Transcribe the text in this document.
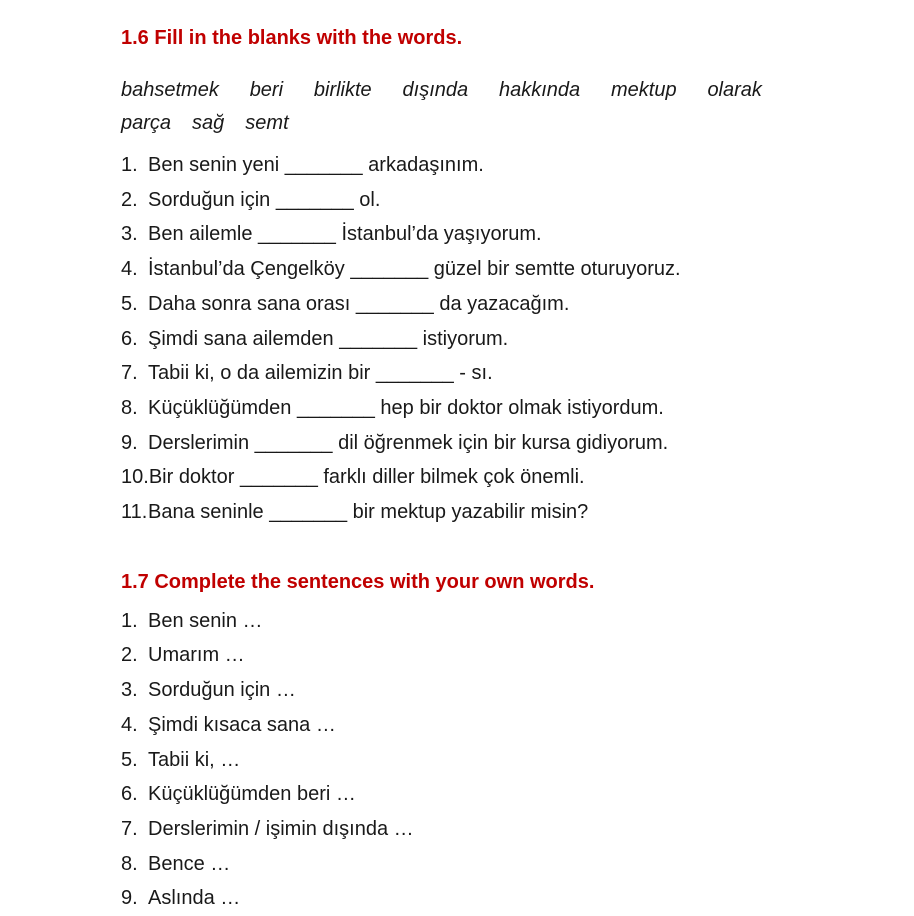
1.6 Fill in the blanks with the words.
bahsetmek beri birlikte dışında hakkında mektup olarak
parça sağ semt
1. Ben senin yeni _______ arkadaşınım.
2. Sorduğun için _______ ol.
3. Ben ailemle _______ İstanbul’da yaşıyorum.
4. İstanbul’da Çengelköy _______ güzel bir semtte oturuyoruz.
5. Daha sonra sana orası _______ da yazacağım.
6. Şimdi sana ailemden _______ istiyorum.
7. Tabii ki, o da ailemizin bir _______ - sı.
8. Küçüklüğümden _______ hep bir doktor olmak istiyordum.
9. Derslerimin _______ dil öğrenmek için bir kursa gidiyorum.
10. Bir doktor _______ farklı diller bilmek çok önemli.
11. Bana seninle _______ bir mektup yazabilir misin?
1.7 Complete the sentences with your own words.
1. Ben senin …
2. Umarım …
3. Sorduğun için …
4. Şimdi kısaca sana …
5. Tabii ki, …
6. Küçüklüğümden beri …
7. Derslerimin / işimin dışında …
8. Bence …
9. Aslında …
